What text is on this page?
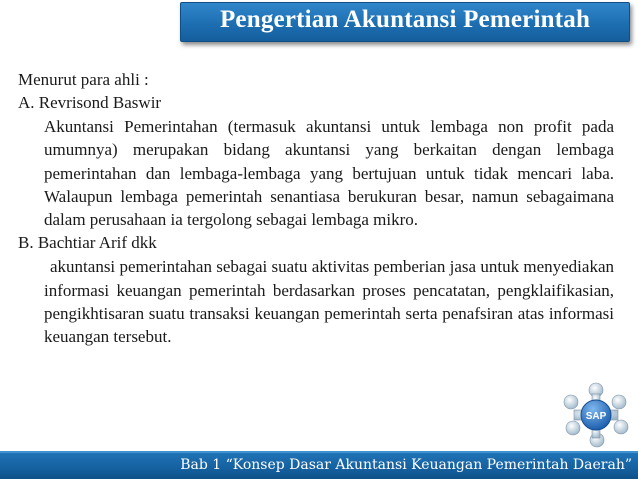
Pengertian Akuntansi Pemerintah

Menurut para ahli :

A. Revrisond Baswir

Akuntansi Pemerintahan (termasuk akuntansi untuk lembaga non profit pada umumnya) merupakan bidang akuntansi yang berkaitan dengan lembaga pemerintahan dan lembaga-lembaga yang bertujuan untuk tidak mencari laba. Walaupun lembaga pemerintah senantiasa berukuran besar, namun sebagaimana dalam perusahaan ia tergolong sebagai lembaga mikro.

B. Bachtiar Arif dkk

akuntansi pemerintahan sebagai suatu aktivitas pemberian jasa untuk menyediakan informasi keuangan pemerintah berdasarkan proses pencatatan, pengklaifikasian, pengikhtisaran suatu transaksi keuangan pemerintah serta penafsiran atas informasi keuangan tersebut.

SAP
Bab 1 “Konsep Dasar Akuntansi Keuangan Pemerintah Daerah”
